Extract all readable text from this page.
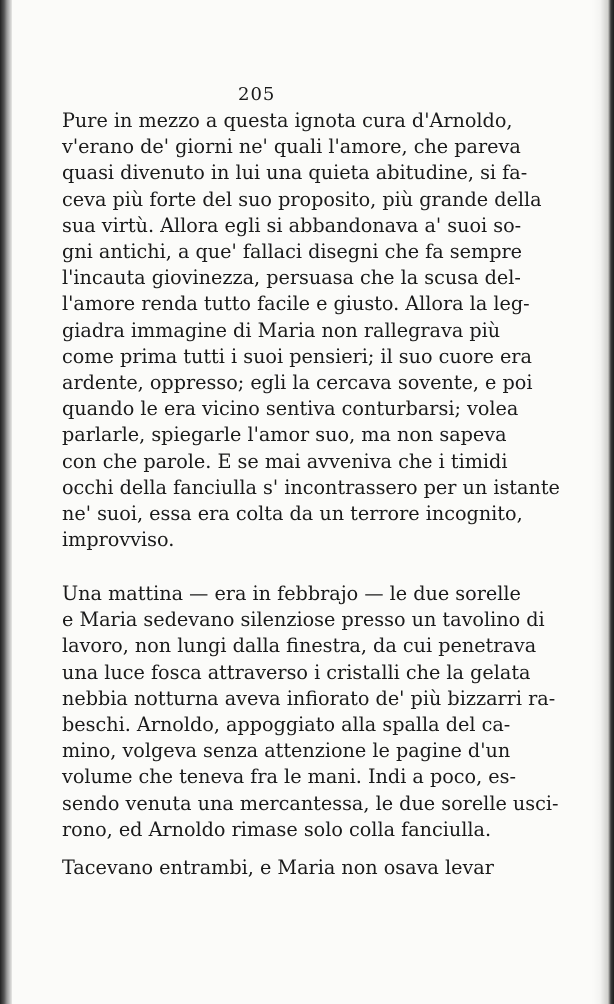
205
Pure in mezzo a questa ignota cura d'Arnoldo,
v'erano de' giorni ne' quali l'amore, che pareva
quasi divenuto in lui una quieta abitudine, si fa-
ceva più forte del suo proposito, più grande della
sua virtù. Allora egli si abbandonava a' suoi so-
gni antichi, a que' fallaci disegni che fa sempre
l'incauta giovinezza, persuasa che la scusa del-
l'amore renda tutto facile e giusto. Allora la leg-
giadra immagine di Maria non rallegrava più
come prima tutti i suoi pensieri; il suo cuore era
ardente, oppresso; egli la cercava sovente, e poi
quando le era vicino sentiva conturbarsi; volea
parlarle, spiegarle l'amor suo, ma non sapeva
con che parole. E se mai avveniva che i timidi
occhi della fanciulla s' incontrassero per un istante
ne' suoi, essa era colta da un terrore incognito,
improvviso.
Una mattina — era in febbrajo — le due sorelle
e Maria sedevano silenziose presso un tavolino di
lavoro, non lungi dalla finestra, da cui penetrava
una luce fosca attraverso i cristalli che la gelata
nebbia notturna aveva infiorato de' più bizzarri ra-
beschi. Arnoldo, appoggiato alla spalla del ca-
mino, volgeva senza attenzione le pagine d'un
volume che teneva fra le mani. Indi a poco, es-
sendo venuta una mercantessa, le due sorelle usci-
rono, ed Arnoldo rimase solo colla fanciulla.
Tacevano entrambi, e Maria non osava levar
